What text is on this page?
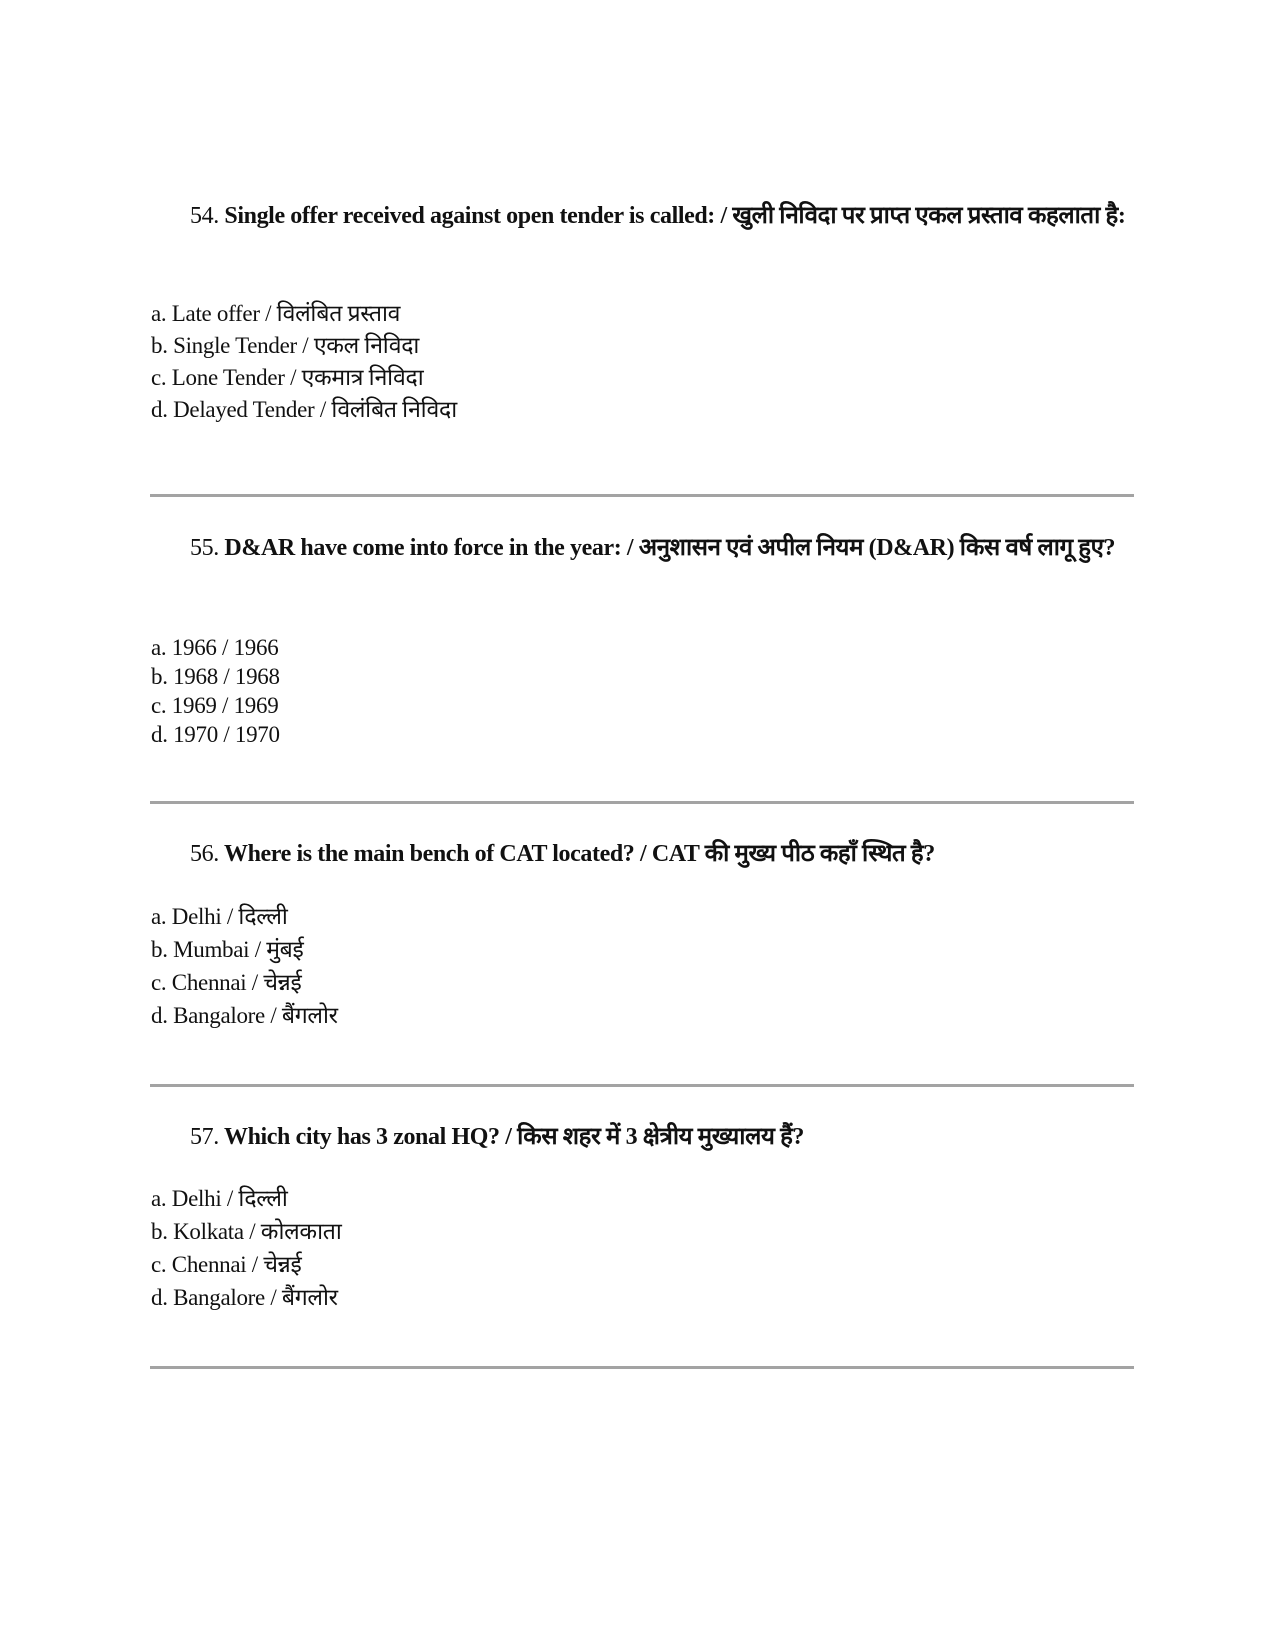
54. Single offer received against open tender is called: / खुली निविदा पर प्राप्त एकल प्रस्ताव कहलाता है:
a. Late offer / विलंबित प्रस्ताव
b. Single Tender / एकल निविदा
c. Lone Tender / एकमात्र निविदा
d. Delayed Tender / विलंबित निविदा
55. D&AR have come into force in the year: / अनुशासन एवं अपील नियम (D&AR) किस वर्ष लागू हुए?
a. 1966 / 1966
b. 1968 / 1968
c. 1969 / 1969
d. 1970 / 1970
56. Where is the main bench of CAT located? / CAT की मुख्य पीठ कहाँ स्थित है?
a. Delhi / दिल्ली
b. Mumbai / मुंबई
c. Chennai / चेन्नई
d. Bangalore / बैंगलोर
57. Which city has 3 zonal HQ? / किस शहर में 3 क्षेत्रीय मुख्यालय हैं?
a. Delhi / दिल्ली
b. Kolkata / कोलकाता
c. Chennai / चेन्नई
d. Bangalore / बैंगलोर
